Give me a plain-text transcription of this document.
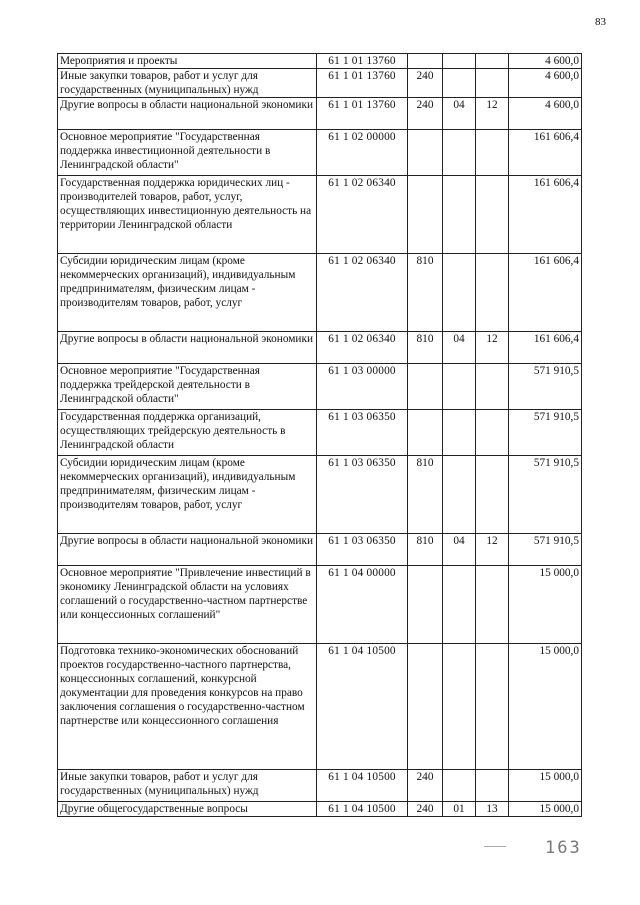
83
Мероприятия и проекты	61 1 01 13760				4 600,0
Иные закупки товаров, работ и услуг для государственных (муниципальных) нужд	61 1 01 13760	240			4 600,0
Другие вопросы в области национальной экономики	61 1 01 13760	240	04	12	4 600,0
Основное мероприятие "Государственная поддержка инвестиционной деятельности в Ленинградской области"	61 1 02 00000				161 606,4
Государственная поддержка юридических лиц - производителей товаров, работ, услуг, осуществляющих инвестиционную деятельность на территории Ленинградской области	61 1 02 06340				161 606,4
Субсидии юридическим лицам (кроме некоммерческих организаций), индивидуальным предпринимателям, физическим лицам - производителям товаров, работ, услуг	61 1 02 06340	810			161 606,4
Другие вопросы в области национальной экономики	61 1 02 06340	810	04	12	161 606,4
Основное мероприятие "Государственная поддержка трейдерской деятельности в Ленинградской области"	61 1 03 00000				571 910,5
Государственная поддержка организаций, осуществляющих трейдерскую деятельность в Ленинградской области	61 1 03 06350				571 910,5
Субсидии юридическим лицам (кроме некоммерческих организаций), индивидуальным предпринимателям, физическим лицам - производителям товаров, работ, услуг	61 1 03 06350	810			571 910,5
Другие вопросы в области национальной экономики	61 1 03 06350	810	04	12	571 910,5
Основное мероприятие "Привлечение инвестиций в экономику Ленинградской области на условиях соглашений о государственно-частном партнерстве или концессионных соглашений"	61 1 04 00000				15 000,0
Подготовка технико-экономических обоснований проектов государственно-частного партнерства, концессионных соглашений, конкурсной документации для проведения конкурсов на право заключения соглашения о государственно-частном партнерстве или концессионного соглашения	61 1 04 10500				15 000,0
Иные закупки товаров, работ и услуг для государственных (муниципальных) нужд	61 1 04 10500	240			15 000,0
Другие общегосударственные вопросы	61 1 04 10500	240	01	13	15 000,0
163
